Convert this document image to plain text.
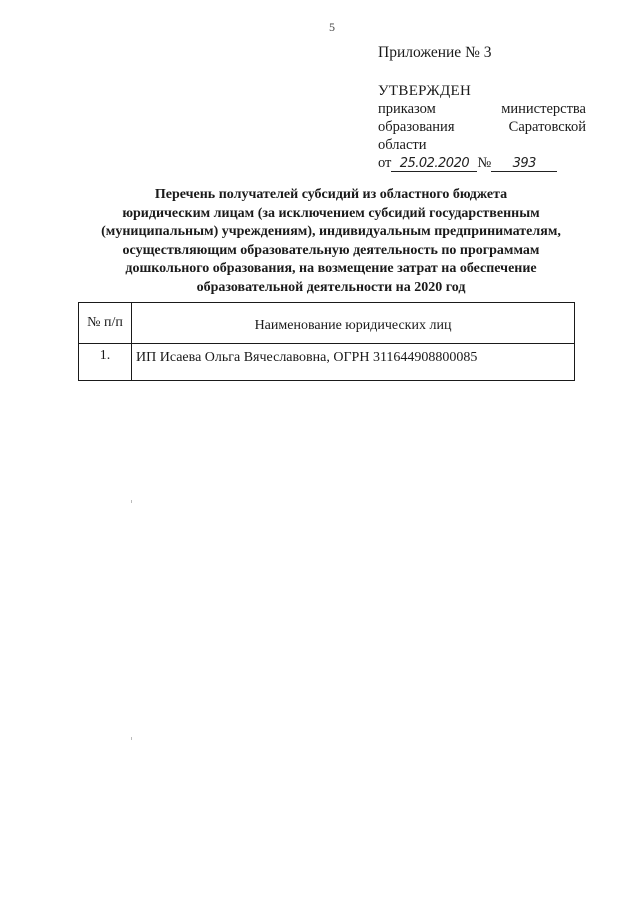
5
Приложение № 3
УТВЕРЖДЕН
приказом	министерства
образования	Саратовской
области
от 25.02.2020 №	393
Перечень получателей субсидий из областного бюджета
юридическим лицам (за исключением субсидий государственным
(муниципальным) учреждениям), индивидуальным предпринимателям,
осуществляющим образовательную деятельность по программам
дошкольного образования, на возмещение затрат на обеспечение
образовательной деятельности на 2020 год
№ п/п	Наименование юридических лиц
1.	ИП Исаева Ольга Вячеславовна, ОГРН 311644908800085
